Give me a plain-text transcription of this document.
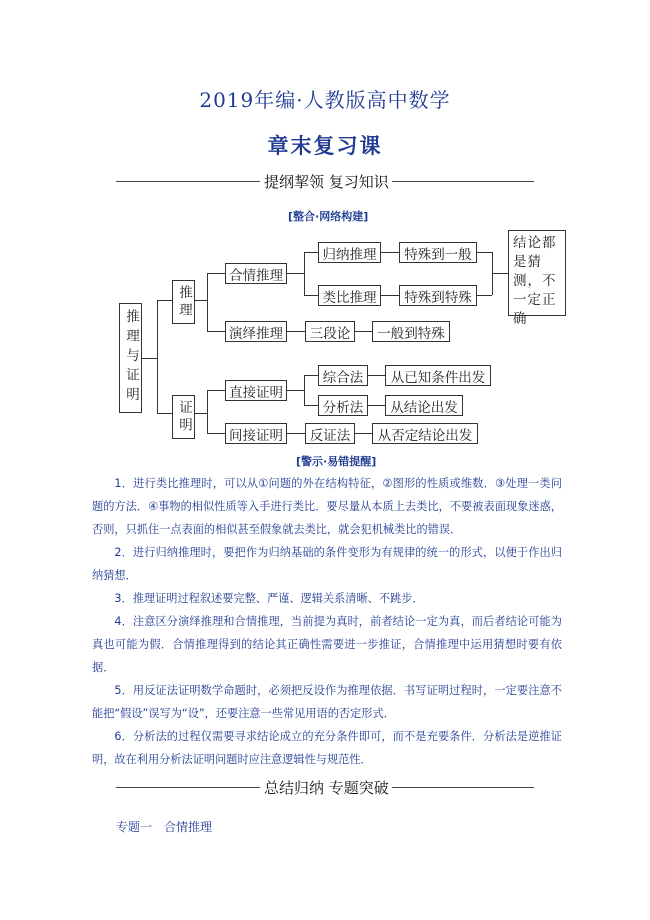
2019年编·人教版高中数学
章末复习课
提纲挈领 复习知识
[整合·网络构建]
推理与证明
推理
合情推理
归纳推理	特殊到一般
类比推理	特殊到特殊
结论都是猜测，不一定正确
演绎推理	三段论	一般到特殊
证明
直接证明
综合法	从已知条件出发
分析法	从结论出发
间接证明	反证法	从否定结论出发
[警示·易错提醒]
1．进行类比推理时，可以从①问题的外在结构特征，②图形的性质或维数．③处理一类问题的方法．④事物的相似性质等入手进行类比．要尽量从本质上去类比，不要被表面现象迷惑，否则，只抓住一点表面的相似甚至假象就去类比，就会犯机械类比的错误．
2．进行归纳推理时，要把作为归纳基础的条件变形为有规律的统一的形式，以便于作出归纳猜想．
3．推理证明过程叙述要完整、严谨、逻辑关系清晰、不跳步．
4．注意区分演绎推理和合情推理，当前提为真时，前者结论一定为真，而后者结论可能为真也可能为假．合情推理得到的结论其正确性需要进一步推证，合情推理中运用猜想时要有依据．
5．用反证法证明数学命题时，必须把反设作为推理依据．书写证明过程时，一定要注意不能把“假设”误写为“设”，还要注意一些常见用语的否定形式．
6．分析法的过程仅需要寻求结论成立的充分条件即可，而不是充要条件．分析法是逆推证明，故在利用分析法证明问题时应注意逻辑性与规范性．
总结归纳 专题突破
专题一　合情推理
